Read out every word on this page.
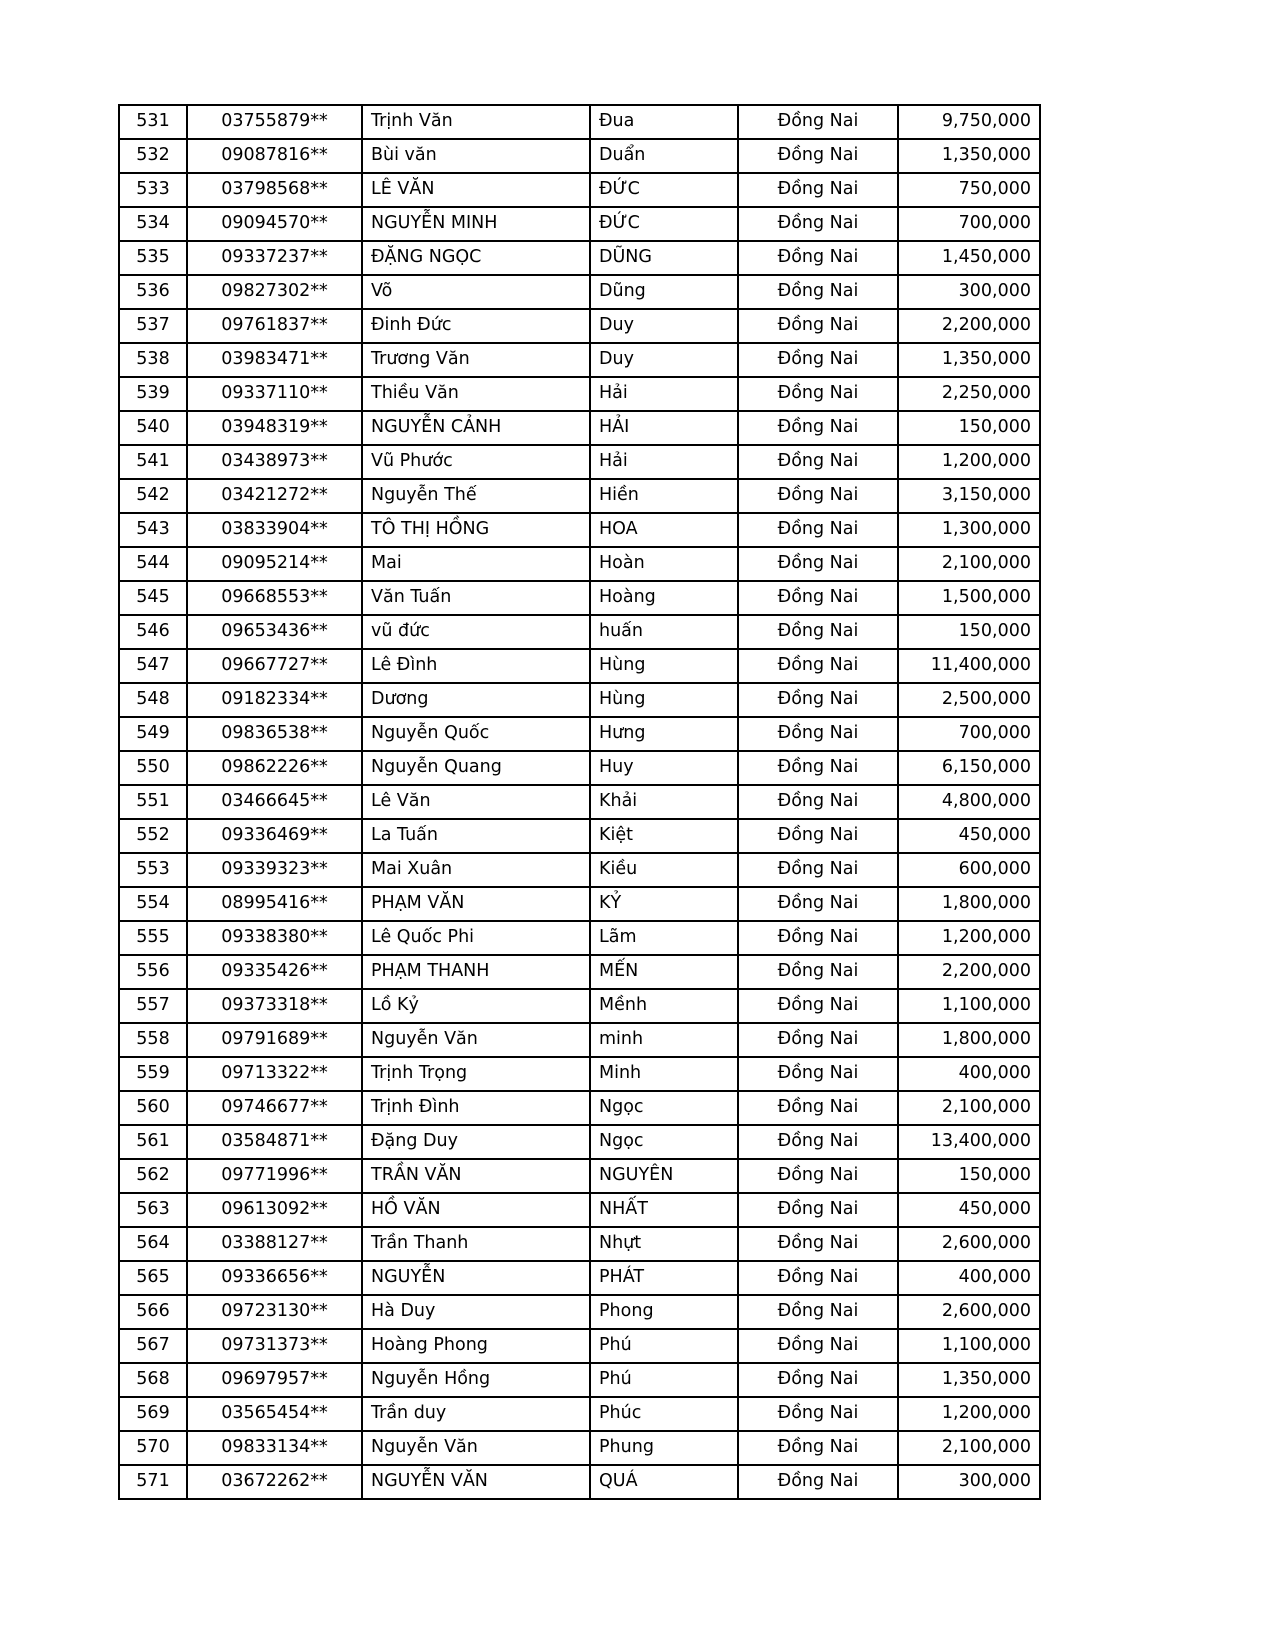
531	03755879**	Trịnh Văn	Đua	Đồng Nai	9,750,000
532	09087816**	Bùi văn	Duẩn	Đồng Nai	1,350,000
533	03798568**	LÊ VĂN	ĐỨC	Đồng Nai	750,000
534	09094570**	NGUYỄN MINH	ĐỨC	Đồng Nai	700,000
535	09337237**	ĐẶNG NGỌC	DŨNG	Đồng Nai	1,450,000
536	09827302**	Võ	Dũng	Đồng Nai	300,000
537	09761837**	Đinh Đức	Duy	Đồng Nai	2,200,000
538	03983471**	Trương Văn	Duy	Đồng Nai	1,350,000
539	09337110**	Thiều Văn	Hải	Đồng Nai	2,250,000
540	03948319**	NGUYỄN CẢNH	HẢI	Đồng Nai	150,000
541	03438973**	Vũ Phước	Hải	Đồng Nai	1,200,000
542	03421272**	Nguyễn Thế	Hiền	Đồng Nai	3,150,000
543	03833904**	TÔ THỊ HỒNG	HOA	Đồng Nai	1,300,000
544	09095214**	Mai	Hoàn	Đồng Nai	2,100,000
545	09668553**	Văn Tuấn	Hoàng	Đồng Nai	1,500,000
546	09653436**	vũ đức	huấn	Đồng Nai	150,000
547	09667727**	Lê Đình	Hùng	Đồng Nai	11,400,000
548	09182334**	Dương	Hùng	Đồng Nai	2,500,000
549	09836538**	Nguyễn Quốc	Hưng	Đồng Nai	700,000
550	09862226**	Nguyễn Quang	Huy	Đồng Nai	6,150,000
551	03466645**	Lê Văn	Khải	Đồng Nai	4,800,000
552	09336469**	La Tuấn	Kiệt	Đồng Nai	450,000
553	09339323**	Mai Xuân	Kiều	Đồng Nai	600,000
554	08995416**	PHẠM VĂN	KỶ	Đồng Nai	1,800,000
555	09338380**	Lê Quốc Phi	Lãm	Đồng Nai	1,200,000
556	09335426**	PHẠM THANH	MẾN	Đồng Nai	2,200,000
557	09373318**	Lồ Kỷ	Mềnh	Đồng Nai	1,100,000
558	09791689**	Nguyễn Văn	minh	Đồng Nai	1,800,000
559	09713322**	Trịnh Trọng	Minh	Đồng Nai	400,000
560	09746677**	Trịnh Đình	Ngọc	Đồng Nai	2,100,000
561	03584871**	Đặng Duy	Ngọc	Đồng Nai	13,400,000
562	09771996**	TRẦN VĂN	NGUYÊN	Đồng Nai	150,000
563	09613092**	HỒ VĂN	NHẤT	Đồng Nai	450,000
564	03388127**	Trần Thanh	Nhựt	Đồng Nai	2,600,000
565	09336656**	NGUYỄN	PHÁT	Đồng Nai	400,000
566	09723130**	Hà Duy	Phong	Đồng Nai	2,600,000
567	09731373**	Hoàng Phong	Phú	Đồng Nai	1,100,000
568	09697957**	Nguyễn Hồng	Phú	Đồng Nai	1,350,000
569	03565454**	Trần duy	Phúc	Đồng Nai	1,200,000
570	09833134**	Nguyễn Văn	Phung	Đồng Nai	2,100,000
571	03672262**	NGUYỄN VĂN	QUÁ	Đồng Nai	300,000
